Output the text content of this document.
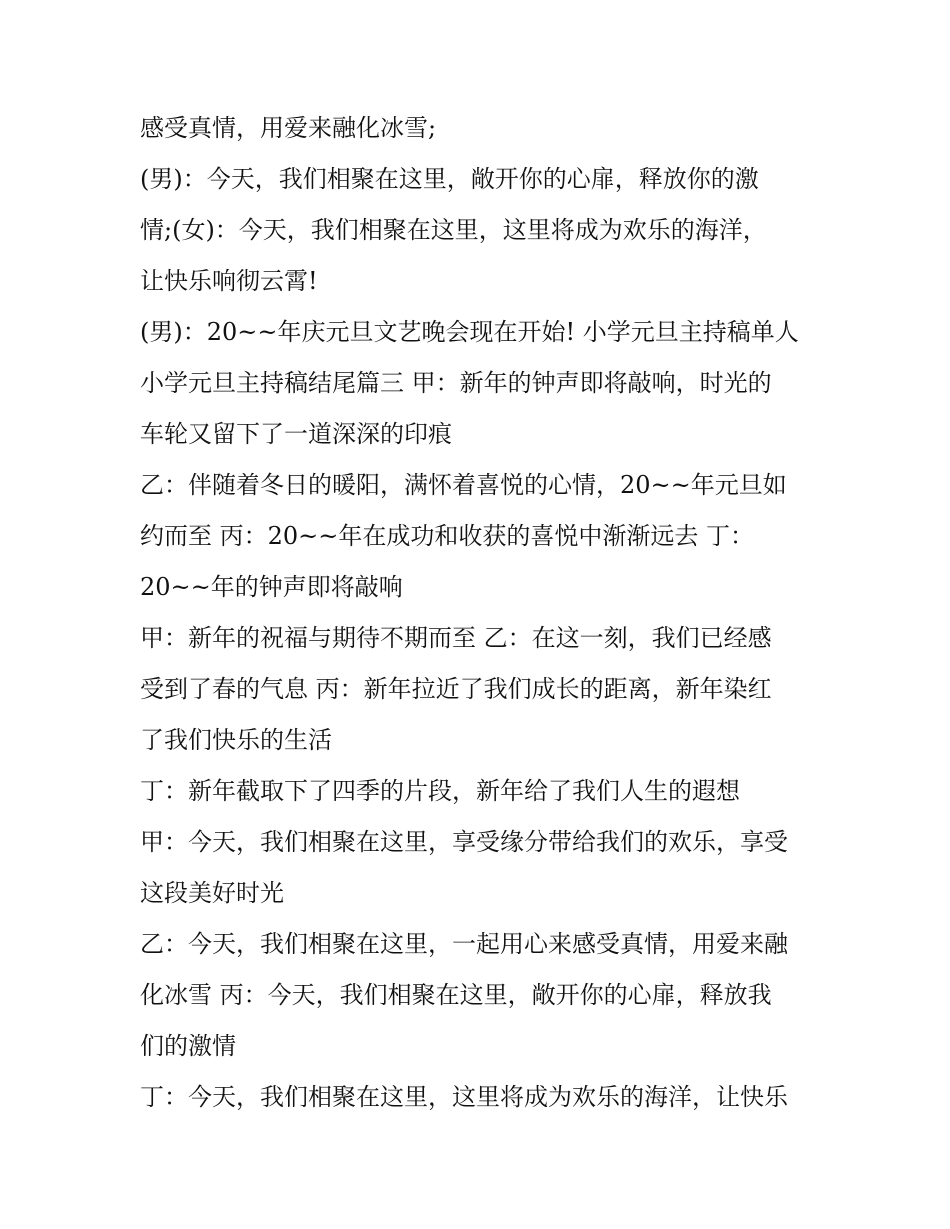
感受真情，用爱来融化冰雪;
(男)：今天，我们相聚在这里，敞开你的心扉，释放你的激
情;(女)：今天，我们相聚在这里，这里将成为欢乐的海洋，
让快乐响彻云霄!
(男)：20~~年庆元旦文艺晚会现在开始! 小学元旦主持稿单人
小学元旦主持稿结尾篇三 甲：新年的钟声即将敲响，时光的
车轮又留下了一道深深的印痕
乙：伴随着冬日的暖阳，满怀着喜悦的心情，20~~年元旦如
约而至 丙：20~~年在成功和收获的喜悦中渐渐远去 丁：
20~~年的钟声即将敲响
甲：新年的祝福与期待不期而至 乙：在这一刻，我们已经感
受到了春的气息 丙：新年拉近了我们成长的距离，新年染红
了我们快乐的生活
丁：新年截取下了四季的片段，新年给了我们人生的遐想
甲：今天，我们相聚在这里，享受缘分带给我们的欢乐，享受
这段美好时光
乙：今天，我们相聚在这里，一起用心来感受真情，用爱来融
化冰雪 丙：今天，我们相聚在这里，敞开你的心扉，释放我
们的激情
丁：今天，我们相聚在这里，这里将成为欢乐的海洋，让快乐
